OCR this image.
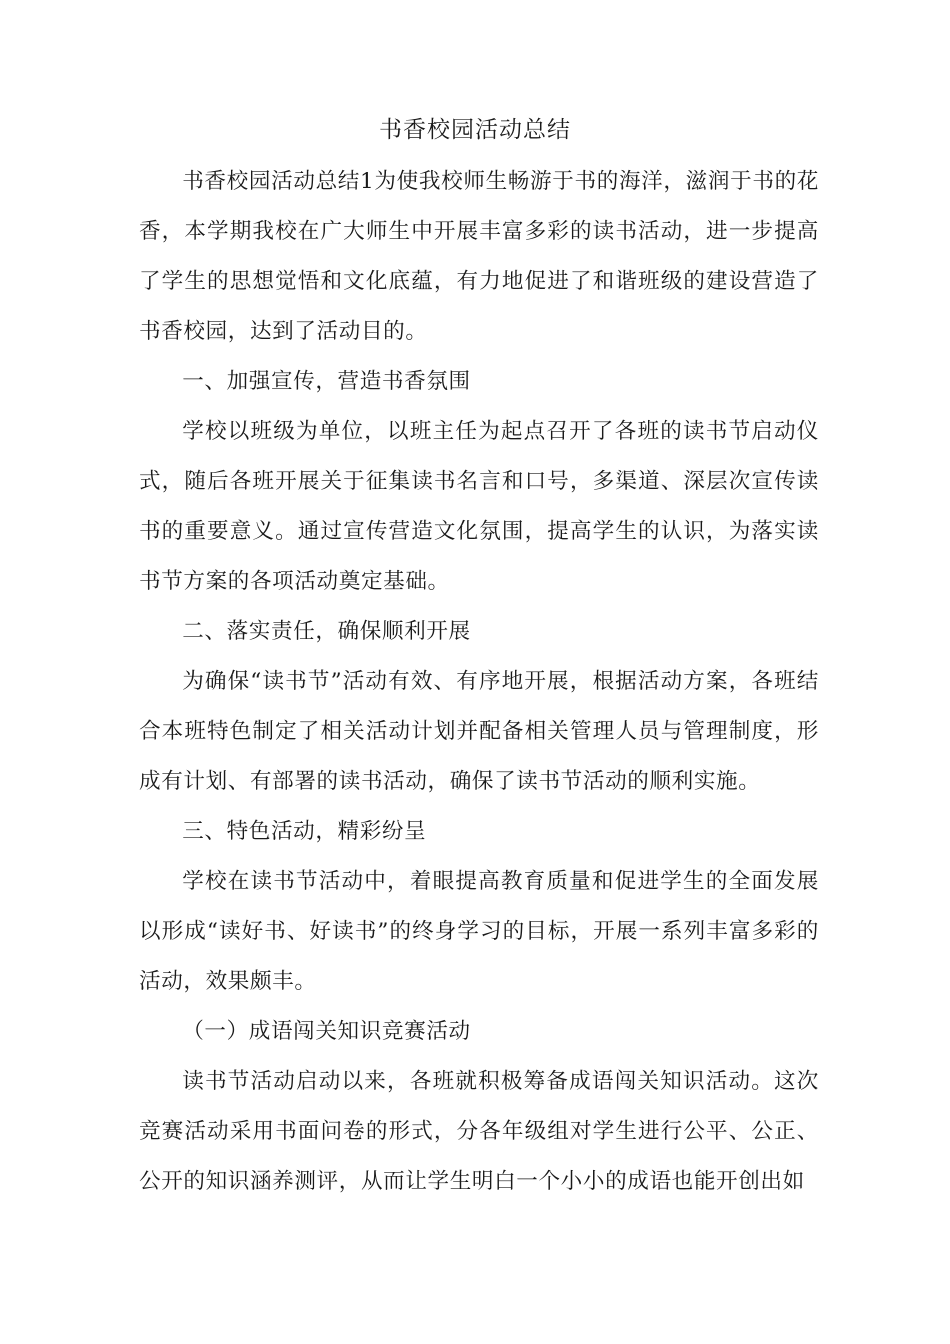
书香校园活动总结

书香校园活动总结1为使我校师生畅游于书的海洋，滋润于书的花香，本学期我校在广大师生中开展丰富多彩的读书活动，进一步提高了学生的思想觉悟和文化底蕴，有力地促进了和谐班级的建设营造了书香校园，达到了活动目的。

一、加强宣传，营造书香氛围

学校以班级为单位，以班主任为起点召开了各班的读书节启动仪式，随后各班开展关于征集读书名言和口号，多渠道、深层次宣传读书的重要意义。通过宣传营造文化氛围，提高学生的认识，为落实读书节方案的各项活动奠定基础。

二、落实责任，确保顺利开展

为确保“读书节”活动有效、有序地开展，根据活动方案，各班结合本班特色制定了相关活动计划并配备相关管理人员与管理制度，形成有计划、有部署的读书活动，确保了读书节活动的顺利实施。

三、特色活动，精彩纷呈

学校在读书节活动中，着眼提高教育质量和促进学生的全面发展以形成“读好书、好读书”的终身学习的目标，开展一系列丰富多彩的活动，效果颇丰。

（一）成语闯关知识竞赛活动

读书节活动启动以来，各班就积极筹备成语闯关知识活动。这次竞赛活动采用书面问卷的形式，分各年级组对学生进行公平、公正、公开的知识涵养测评，从而让学生明白一个小小的成语也能开创出如
